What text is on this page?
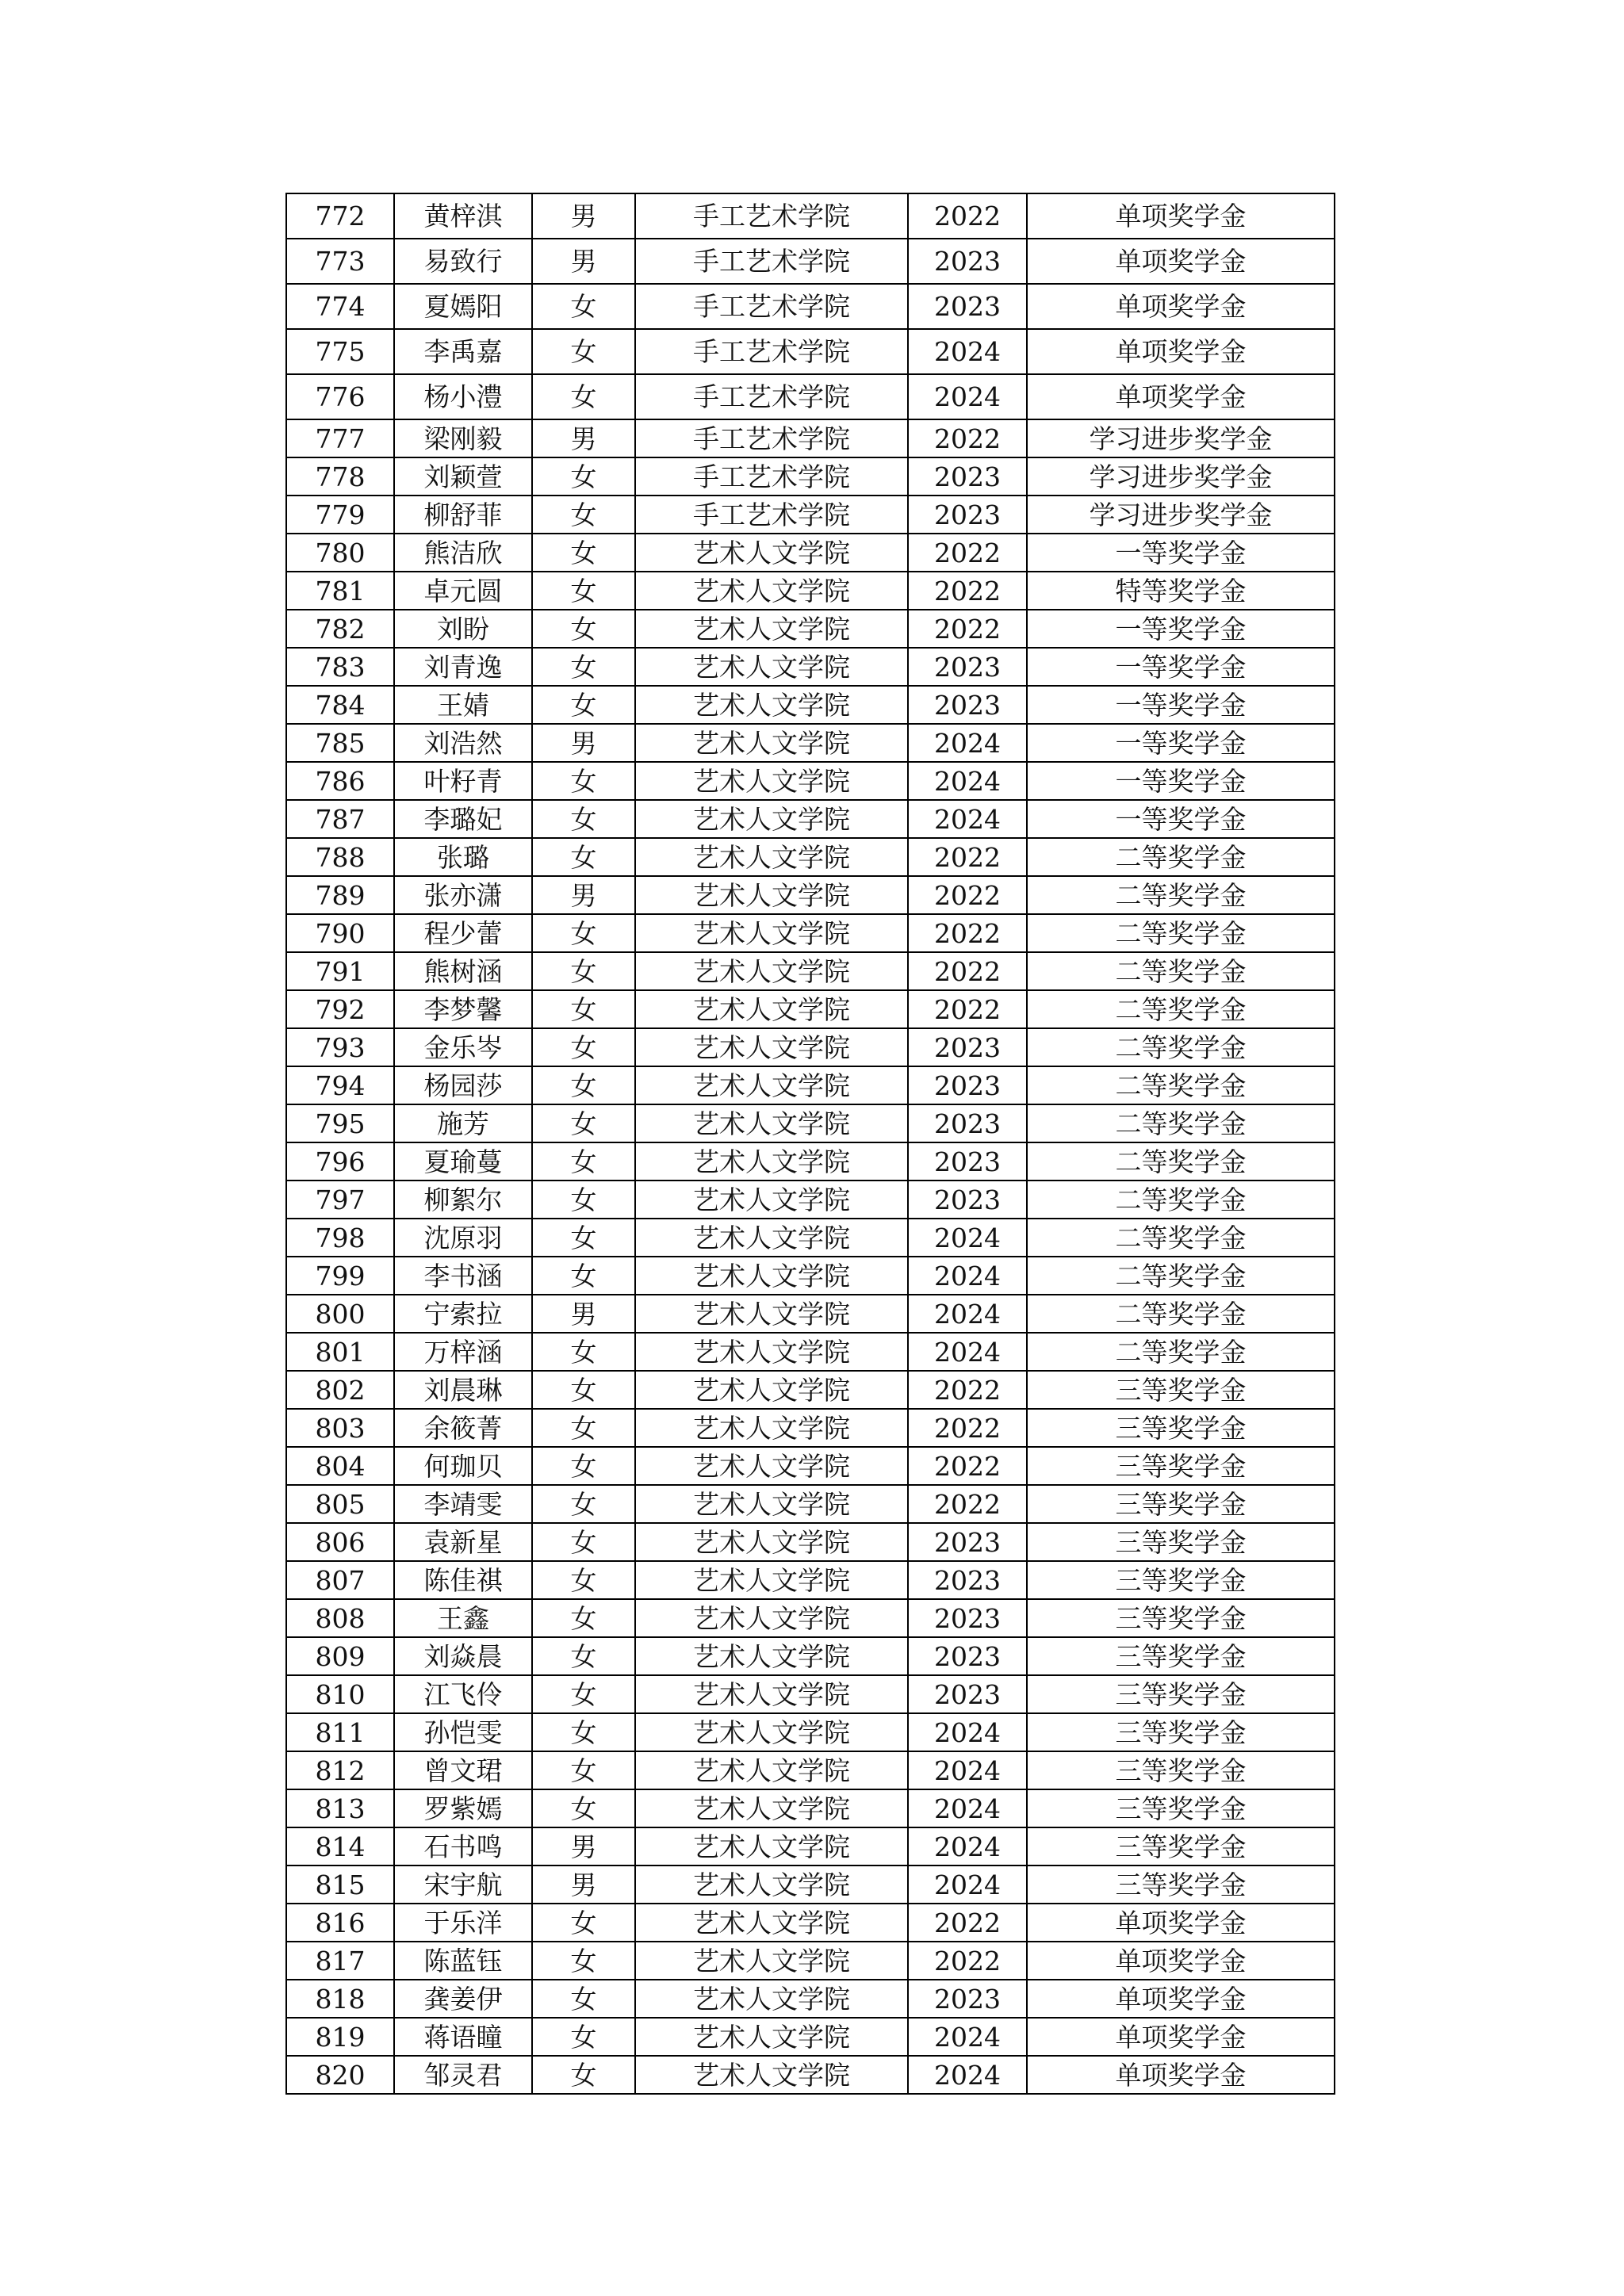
772	黄梓淇	男	手工艺术学院	2022	单项奖学金
773	易致行	男	手工艺术学院	2023	单项奖学金
774	夏嫣阳	女	手工艺术学院	2023	单项奖学金
775	李禹嘉	女	手工艺术学院	2024	单项奖学金
776	杨小澧	女	手工艺术学院	2024	单项奖学金
777	梁刚毅	男	手工艺术学院	2022	学习进步奖学金
778	刘颖萱	女	手工艺术学院	2023	学习进步奖学金
779	柳舒菲	女	手工艺术学院	2023	学习进步奖学金
780	熊洁欣	女	艺术人文学院	2022	一等奖学金
781	卓元圆	女	艺术人文学院	2022	特等奖学金
782	刘盼	女	艺术人文学院	2022	一等奖学金
783	刘青逸	女	艺术人文学院	2023	一等奖学金
784	王婧	女	艺术人文学院	2023	一等奖学金
785	刘浩然	男	艺术人文学院	2024	一等奖学金
786	叶籽青	女	艺术人文学院	2024	一等奖学金
787	李璐妃	女	艺术人文学院	2024	一等奖学金
788	张璐	女	艺术人文学院	2022	二等奖学金
789	张亦潇	男	艺术人文学院	2022	二等奖学金
790	程少蕾	女	艺术人文学院	2022	二等奖学金
791	熊树涵	女	艺术人文学院	2022	二等奖学金
792	李梦馨	女	艺术人文学院	2022	二等奖学金
793	金乐岑	女	艺术人文学院	2023	二等奖学金
794	杨园莎	女	艺术人文学院	2023	二等奖学金
795	施芳	女	艺术人文学院	2023	二等奖学金
796	夏瑜蔓	女	艺术人文学院	2023	二等奖学金
797	柳絮尔	女	艺术人文学院	2023	二等奖学金
798	沈原羽	女	艺术人文学院	2024	二等奖学金
799	李书涵	女	艺术人文学院	2024	二等奖学金
800	宁索拉	男	艺术人文学院	2024	二等奖学金
801	万梓涵	女	艺术人文学院	2024	二等奖学金
802	刘晨琳	女	艺术人文学院	2022	三等奖学金
803	余筱菁	女	艺术人文学院	2022	三等奖学金
804	何珈贝	女	艺术人文学院	2022	三等奖学金
805	李靖雯	女	艺术人文学院	2022	三等奖学金
806	袁新星	女	艺术人文学院	2023	三等奖学金
807	陈佳祺	女	艺术人文学院	2023	三等奖学金
808	王鑫	女	艺术人文学院	2023	三等奖学金
809	刘焱晨	女	艺术人文学院	2023	三等奖学金
810	江飞伶	女	艺术人文学院	2023	三等奖学金
811	孙恺雯	女	艺术人文学院	2024	三等奖学金
812	曾文珺	女	艺术人文学院	2024	三等奖学金
813	罗紫嫣	女	艺术人文学院	2024	三等奖学金
814	石书鸣	男	艺术人文学院	2024	三等奖学金
815	宋宇航	男	艺术人文学院	2024	三等奖学金
816	于乐洋	女	艺术人文学院	2022	单项奖学金
817	陈蓝钰	女	艺术人文学院	2022	单项奖学金
818	龚姜伊	女	艺术人文学院	2023	单项奖学金
819	蒋语瞳	女	艺术人文学院	2024	单项奖学金
820	邹灵君	女	艺术人文学院	2024	单项奖学金
